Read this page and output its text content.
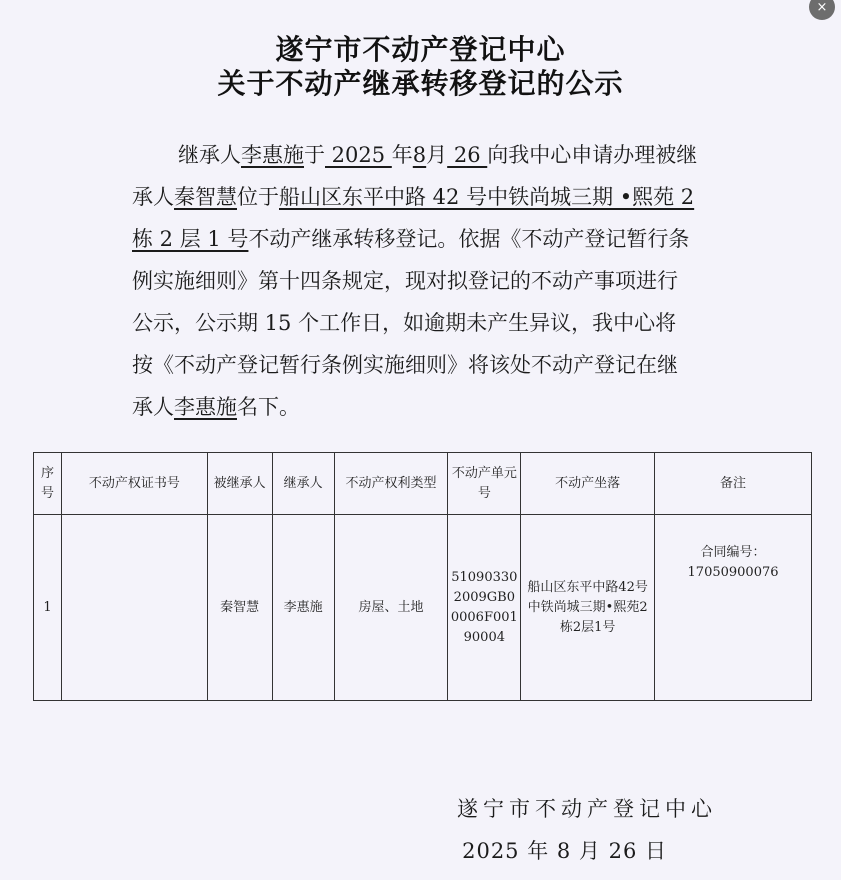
×
遂宁市不动产登记中心
关于不动产继承转移登记的公示
继承人李惠施于 2025 年8月 26 向我中心申请办理被继
承人秦智慧位于船山区东平中路 42 号中铁尚城三期 •熙苑 2
栋 2 层 1 号不动产继承转移登记。依据《不动产登记暂行条
例实施细则》第十四条规定，现对拟登记的不动产事项进行
公示，公示期 15 个工作日，如逾期未产生异议，我中心将
按《不动产登记暂行条例实施细则》将该处不动产登记在继
承人李惠施名下。
序号	不动产权证书号	被继承人	继承人	不动产权利类型	不动产单元号	不动产坐落	备注
1		秦智慧	李惠施	房屋、土地	510903302009GB00006F00190004	船山区东平中路42号中铁尚城三期•熙苑2栋2层1号	合同编号：
17050900076
遂宁市不动产登记中心
2025 年 8 月 26 日
